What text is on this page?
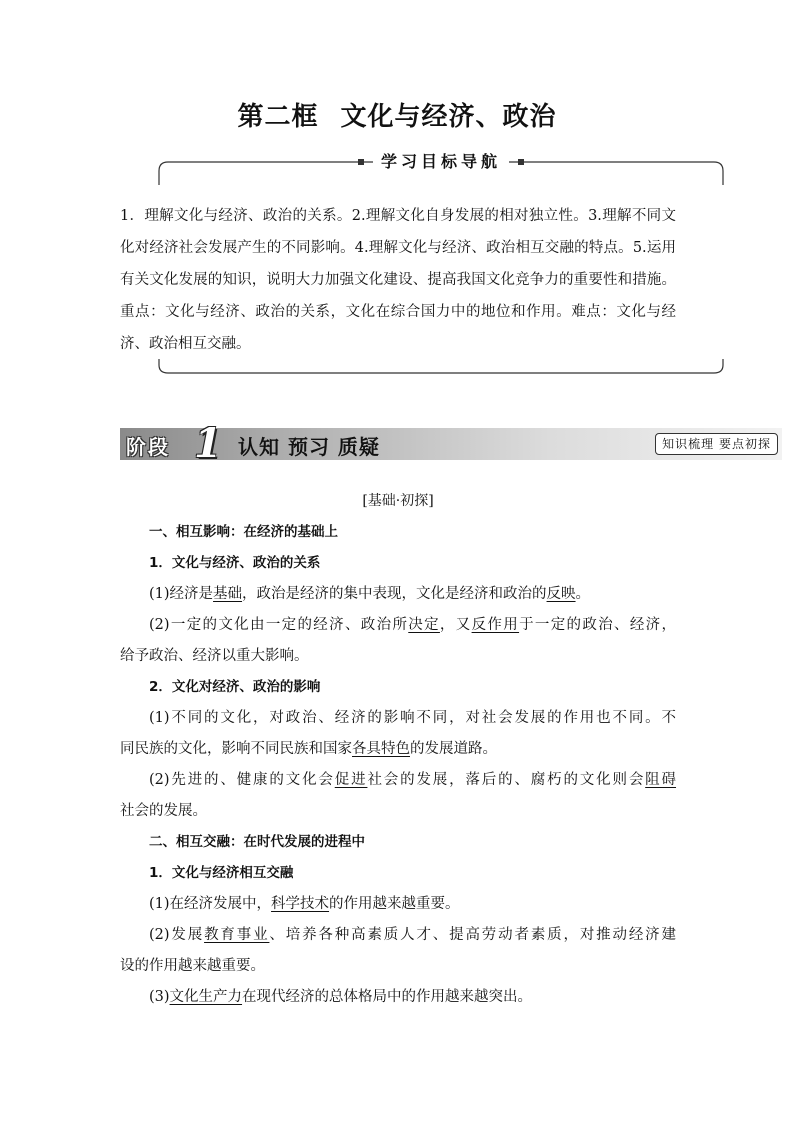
第二框 文化与经济、政治
学习目标导航
1．理解文化与经济、政治的关系。2.理解文化自身发展的相对独立性。3.理解不同文化对经济社会发展产生的不同影响。4.理解文化与经济、政治相互交融的特点。5.运用有关文化发展的知识，说明大力加强文化建设、提高我国文化竞争力的重要性和措施。重点：文化与经济、政治的关系，文化在综合国力中的地位和作用。难点：文化与经济、政治相互交融。
阶段 1 认知 预习 质疑	知识梳理 要点初探
[基础·初探]
一、相互影响：在经济的基础上
1．文化与经济、政治的关系
(1)经济是基础，政治是经济的集中表现，文化是经济和政治的反映。
(2)一定的文化由一定的经济、政治所决定，又反作用于一定的政治、经济，
给予政治、经济以重大影响。
2．文化对经济、政治的影响
(1)不同的文化，对政治、经济的影响不同，对社会发展的作用也不同。不
同民族的文化，影响不同民族和国家各具特色的发展道路。
(2)先进的、健康的文化会促进社会的发展，落后的、腐朽的文化则会阻碍
社会的发展。
二、相互交融：在时代发展的进程中
1．文化与经济相互交融
(1)在经济发展中，科学技术的作用越来越重要。
(2)发展教育事业、培养各种高素质人才、提高劳动者素质，对推动经济建
设的作用越来越重要。
(3)文化生产力在现代经济的总体格局中的作用越来越突出。
